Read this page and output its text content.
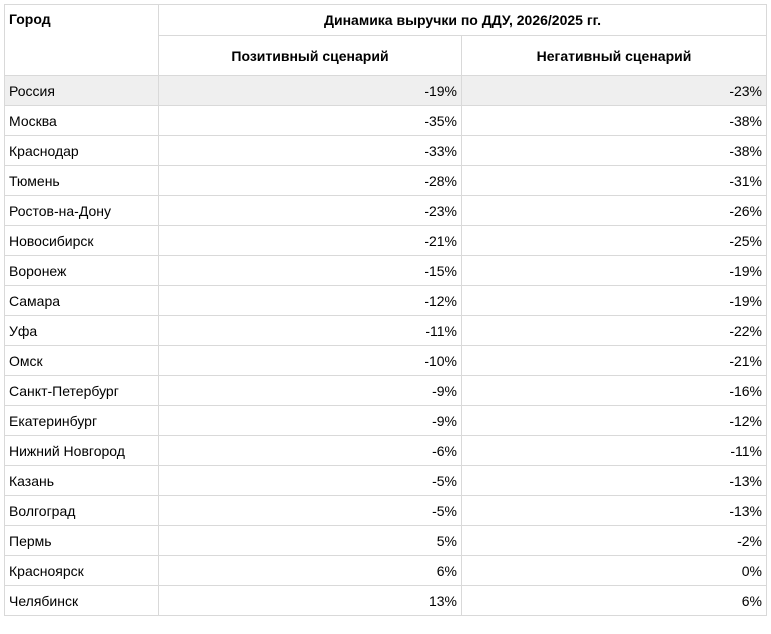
Город	Динамика выручки по ДДУ, 2026/2025 гг.	
	Позитивный сценарий	Негативный сценарий
Россия	-19%	-23%
Москва	-35%	-38%
Краснодар	-33%	-38%
Тюмень	-28%	-31%
Ростов-на-Дону	-23%	-26%
Новосибирск	-21%	-25%
Воронеж	-15%	-19%
Самара	-12%	-19%
Уфа	-11%	-22%
Омск	-10%	-21%
Санкт-Петербург	-9%	-16%
Екатеринбург	-9%	-12%
Нижний Новгород	-6%	-11%
Казань	-5%	-13%
Волгоград	-5%	-13%
Пермь	5%	-2%
Красноярск	6%	0%
Челябинск	13%	6%
